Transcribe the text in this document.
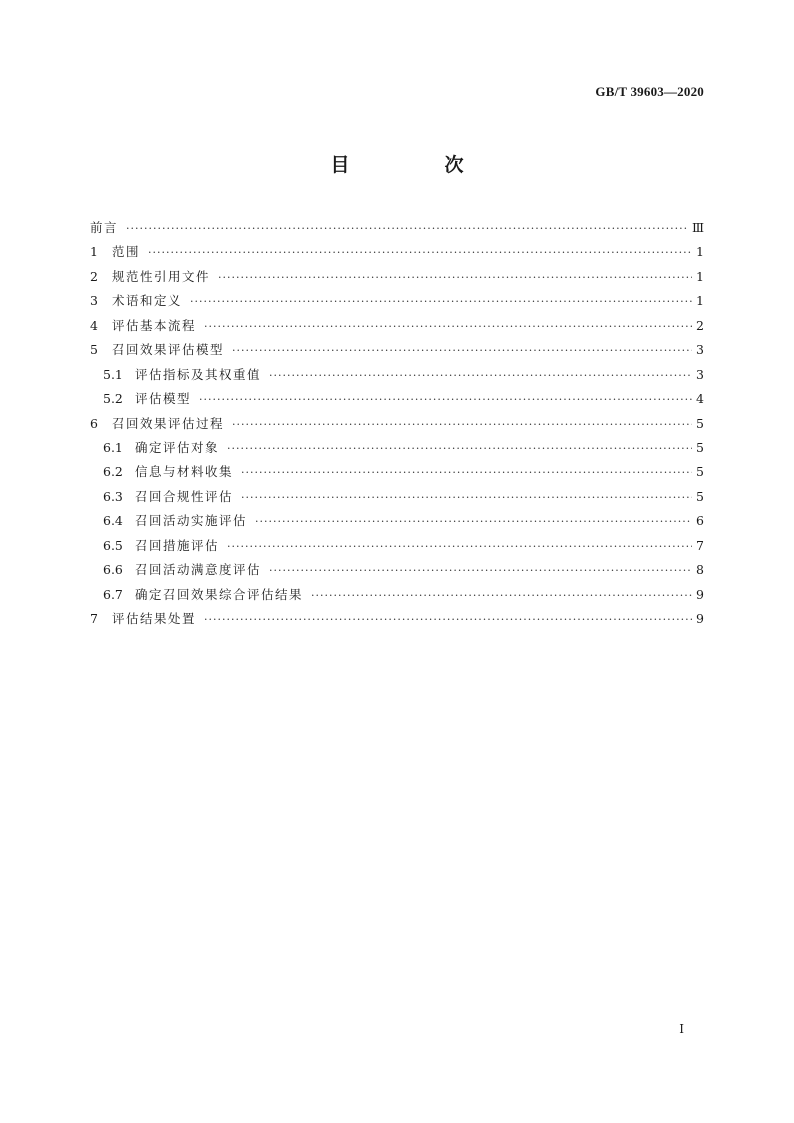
GB/T 39603—2020
目　次
前言 ·····	Ⅲ
1	范围 ·····	1
2	规范性引用文件 ·····	1
3	术语和定义 ·····	1
4	评估基本流程 ·····	2
5	召回效果评估模型 ·····	3
5.1 评估指标及其权重值 ·····	3
5.2 评估模型 ·····	4
6	召回效果评估过程 ·····	5
6.1 确定评估对象 ·····	5
6.2 信息与材料收集 ·····	5
6.3 召回合规性评估 ·····	5
6.4 召回活动实施评估 ·····	6
6.5 召回措施评估 ·····	7
6.6 召回活动满意度评估 ·····	8
6.7 确定召回效果综合评估结果 ·····	9
7	评估结果处置 ·····	9
I
